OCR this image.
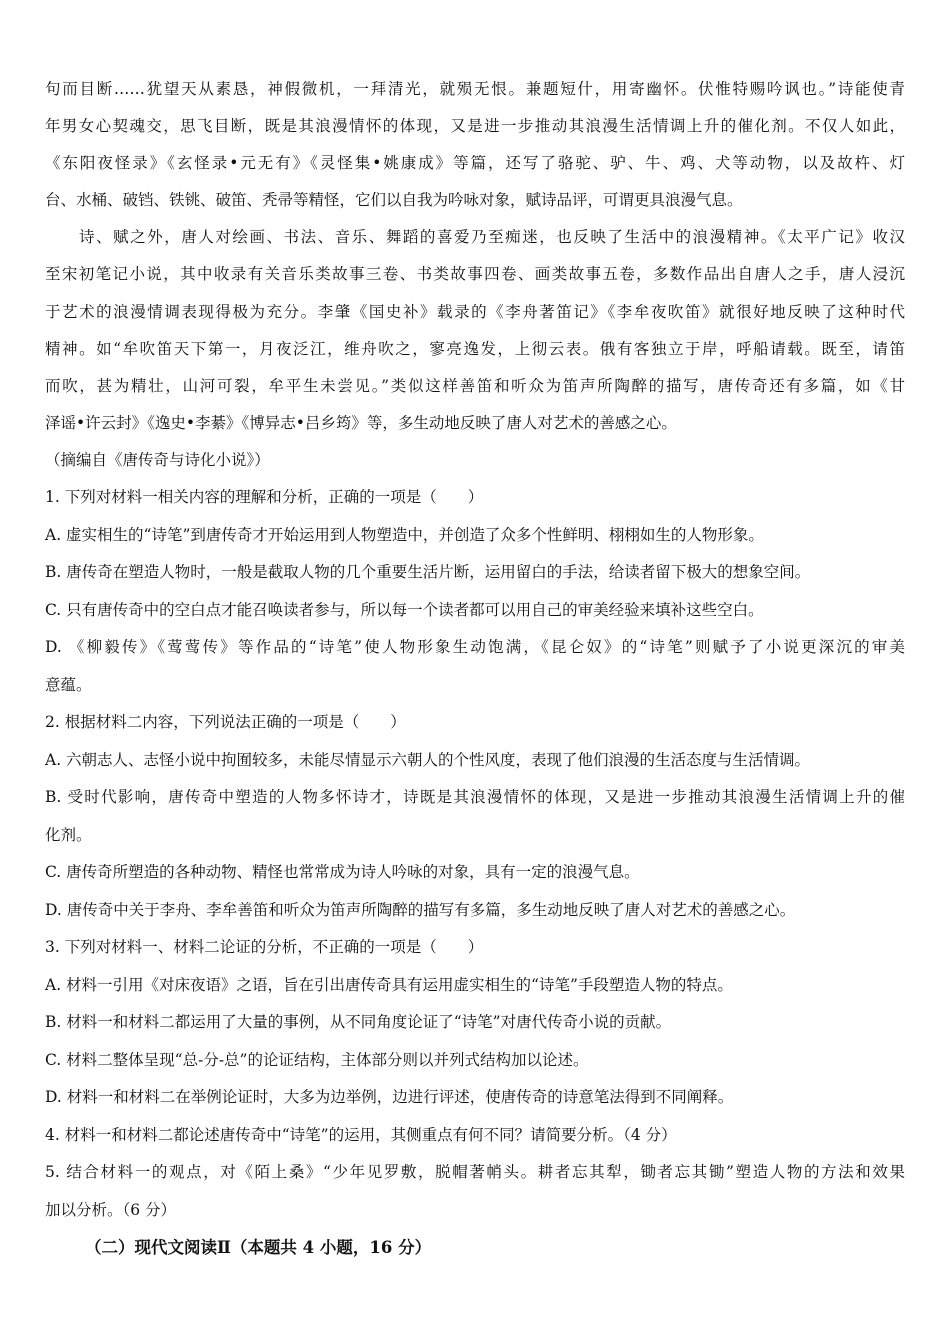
句而目断……犹望天从素恳，神假微机，一拜清光，就殒无恨。兼题短什，用寄幽怀。伏惟特赐吟讽也。”诗能使青
年男女心契魂交，思飞目断，既是其浪漫情怀的体现，又是进一步推动其浪漫生活情调上升的催化剂。不仅人如此，
《东阳夜怪录》《玄怪录•元无有》《灵怪集•姚康成》等篇，还写了骆驼、驴、牛、鸡、犬等动物，以及故杵、灯
台、水桶、破铛、铁铫、破笛、秃帚等精怪，它们以自我为吟咏对象，赋诗品评，可谓更具浪漫气息。
诗、赋之外，唐人对绘画、书法、音乐、舞蹈的喜爱乃至痴迷，也反映了生活中的浪漫精神。《太平广记》收汉
至宋初笔记小说，其中收录有关音乐类故事三卷、书类故事四卷、画类故事五卷，多数作品出自唐人之手，唐人浸沉
于艺术的浪漫情调表现得极为充分。李肇《国史补》载录的《李舟著笛记》《李牟夜吹笛》就很好地反映了这种时代
精神。如“牟吹笛天下第一，月夜泛江，维舟吹之，寥亮逸发，上彻云表。俄有客独立于岸，呼船请载。既至，请笛
而吹，甚为精壮，山河可裂，牟平生未尝见。”类似这样善笛和听众为笛声所陶醉的描写，唐传奇还有多篇，如《甘
泽谣•许云封》《逸史•李綦》《博异志•吕乡筠》等，多生动地反映了唐人对艺术的善感之心。
（摘编自《唐传奇与诗化小说》）
1. 下列对材料一相关内容的理解和分析，正确的一项是（　　）
A. 虚实相生的“诗笔”到唐传奇才开始运用到人物塑造中，并创造了众多个性鲜明、栩栩如生的人物形象。
B. 唐传奇在塑造人物时，一般是截取人物的几个重要生活片断，运用留白的手法，给读者留下极大的想象空间。
C. 只有唐传奇中的空白点才能召唤读者参与，所以每一个读者都可以用自己的审美经验来填补这些空白。
D. 《柳毅传》《莺莺传》等作品的“诗笔”使人物形象生动饱满，《昆仑奴》的“诗笔”则赋予了小说更深沉的审美
意蕴。
2. 根据材料二内容，下列说法正确的一项是（　　）
A. 六朝志人、志怪小说中拘囿较多，未能尽情显示六朝人的个性风度，表现了他们浪漫的生活态度与生活情调。
B. 受时代影响，唐传奇中塑造的人物多怀诗才，诗既是其浪漫情怀的体现，又是进一步推动其浪漫生活情调上升的催
化剂。
C. 唐传奇所塑造的各种动物、精怪也常常成为诗人吟咏的对象，具有一定的浪漫气息。
D. 唐传奇中关于李舟、李牟善笛和听众为笛声所陶醉的描写有多篇，多生动地反映了唐人对艺术的善感之心。
3. 下列对材料一、材料二论证的分析，不正确的一项是（　　）
A. 材料一引用《对床夜语》之语，旨在引出唐传奇具有运用虚实相生的“诗笔”手段塑造人物的特点。
B. 材料一和材料二都运用了大量的事例，从不同角度论证了“诗笔”对唐代传奇小说的贡献。
C. 材料二整体呈现“总-分-总”的论证结构，主体部分则以并列式结构加以论述。
D. 材料一和材料二在举例论证时，大多为边举例，边进行评述，使唐传奇的诗意笔法得到不同阐释。
4. 材料一和材料二都论述唐传奇中“诗笔”的运用，其侧重点有何不同？请简要分析。（4 分）
5. 结合材料一的观点，对《陌上桑》“少年见罗敷，脱帽著帩头。耕者忘其犁，锄者忘其锄”塑造人物的方法和效果
加以分析。（6 分）
（二）现代文阅读Ⅱ（本题共 4 小题，16 分）
